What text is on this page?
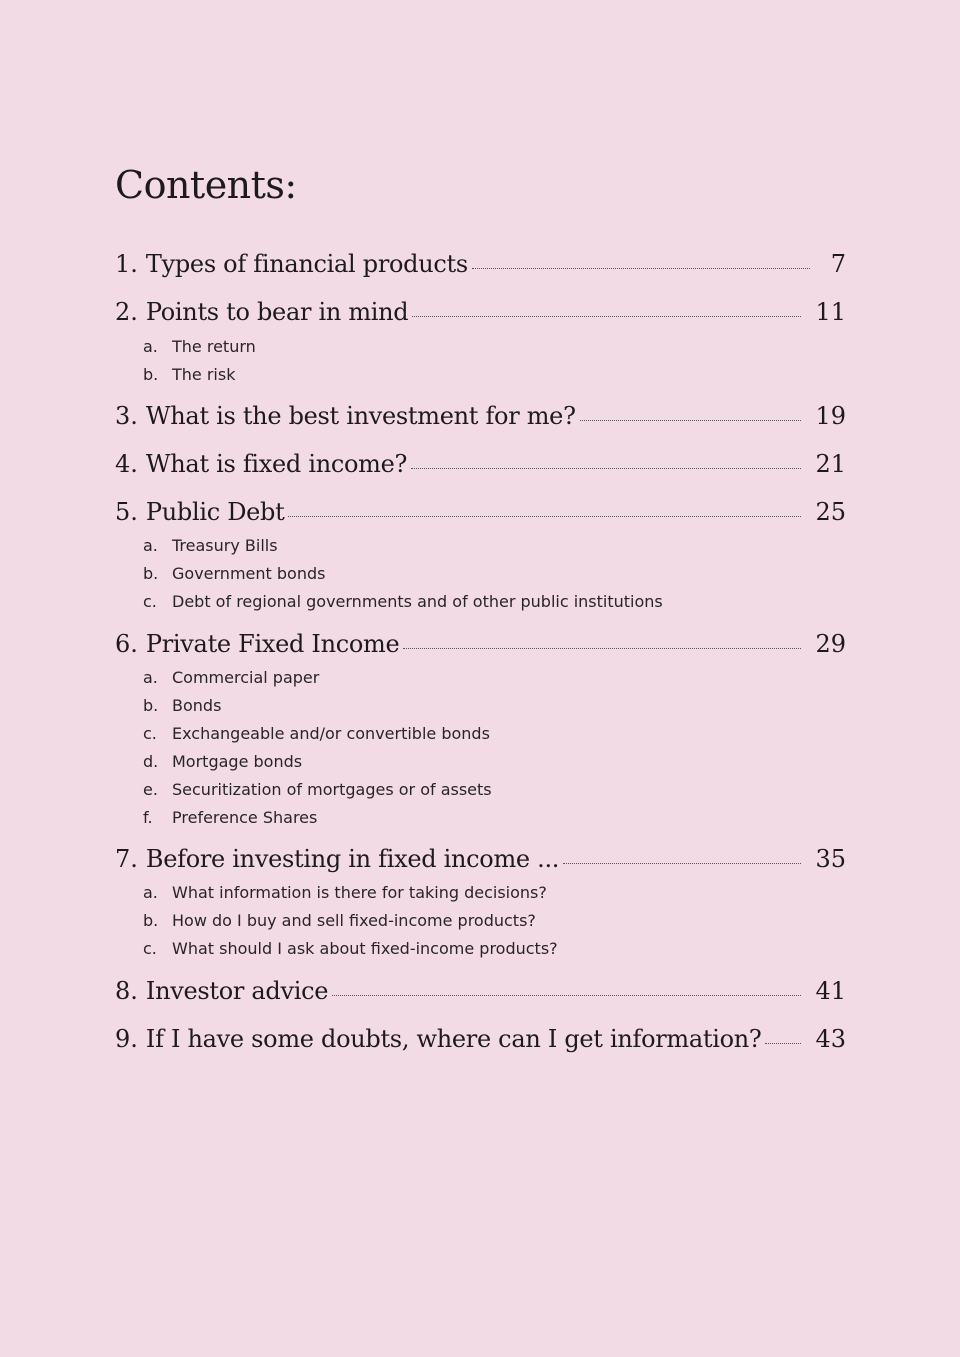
Contents:
1. Types of financial products	7
2. Points to bear in mind	11
a. The return
b. The risk
3. What is the best investment for me?	19
4. What is fixed income?	21
5. Public Debt	25
a. Treasury Bills
b. Government bonds
c. Debt of regional governments and of other public institutions
6. Private Fixed Income	29
a. Commercial paper
b. Bonds
c. Exchangeable and/or convertible bonds
d. Mortgage bonds
e. Securitization of mortgages or of assets
f.	Preference Shares
7. Before investing in fixed income ...	35
a. What information is there for taking decisions?
b. How do I buy and sell fixed-income products?
c. What should I ask about fixed-income products?
8. Investor advice	41
9. If I have some doubts, where can I get information? 43
